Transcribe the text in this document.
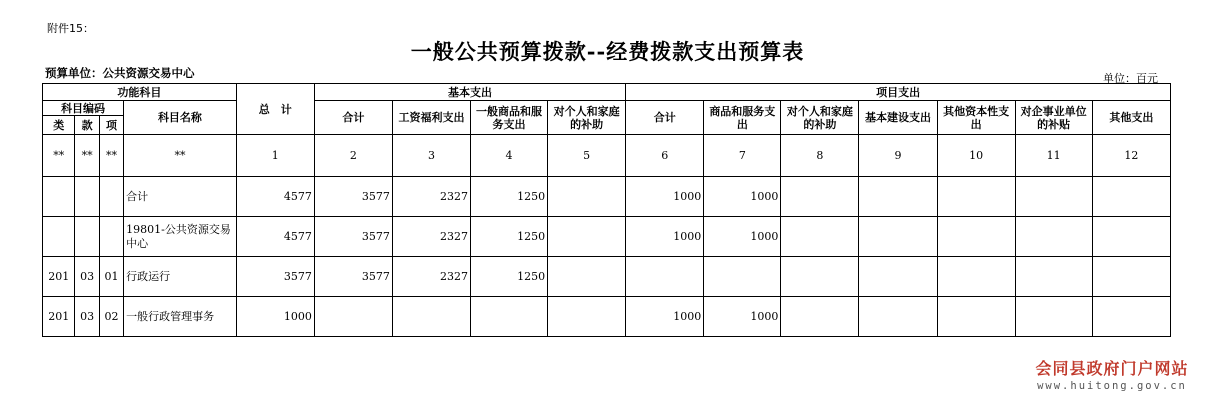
附件15：
一般公共预算拨款--经费拨款支出预算表
预算单位：公共资源交易中心	单位：百元
功能科目				总　计	基本支出				项目支出						
科目编码			科目名称		合计	工资福利支出	一般商品和服务支出	对个人和家庭的补助	合计	商品和服务支出	对个人和家庭的补助	基本建设支出	其他资本性支出	对企事业单位的补贴	其他支出
类	款	项													
**	**	**	**	1	2	3	4	5	6	7	8	9	10	11	12
			合计	4577	3577	2327	1250		1000	1000					
			19801-公共资源交易中心	4577	3577	2327	1250		1000	1000					
201	03	01	行政运行	3577	3577	2327	1250								
201	03	02	一般行政管理事务	1000					1000	1000					
会同县政府门户网站
www.huitong.gov.cn
